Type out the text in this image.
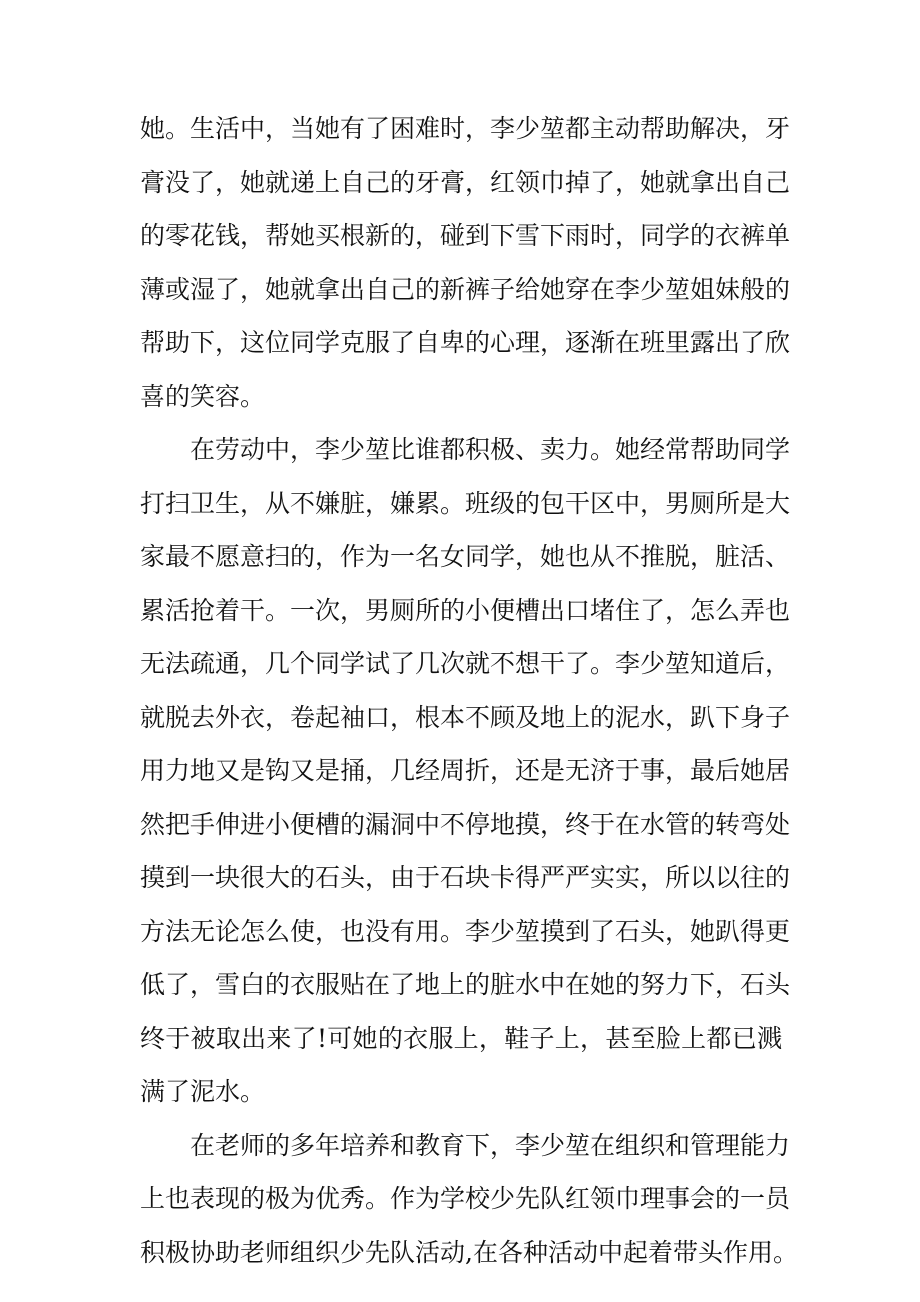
她。生活中，当她有了困难时，李少堃都主动帮助解决，牙
膏没了，她就递上自己的牙膏，红领巾掉了，她就拿出自己
的零花钱，帮她买根新的，碰到下雪下雨时，同学的衣裤单
薄或湿了，她就拿出自己的新裤子给她穿在李少堃姐妹般的
帮助下，这位同学克服了自卑的心理，逐渐在班里露出了欣
喜的笑容。
在劳动中，李少堃比谁都积极、卖力。她经常帮助同学
打扫卫生，从不嫌脏，嫌累。班级的包干区中，男厕所是大
家最不愿意扫的，作为一名女同学，她也从不推脱，脏活、
累活抢着干。一次，男厕所的小便槽出口堵住了，怎么弄也
无法疏通，几个同学试了几次就不想干了。李少堃知道后，
就脱去外衣，卷起袖口，根本不顾及地上的泥水，趴下身子
用力地又是钩又是捅，几经周折，还是无济于事，最后她居
然把手伸进小便槽的漏洞中不停地摸，终于在水管的转弯处
摸到一块很大的石头，由于石块卡得严严实实，所以以往的
方法无论怎么使，也没有用。李少堃摸到了石头，她趴得更
低了，雪白的衣服贴在了地上的脏水中在她的努力下，石头
终于被取出来了!可她的衣服上，鞋子上，甚至脸上都已溅
满了泥水。
在老师的多年培养和教育下，李少堃在组织和管理能力
上也表现的极为优秀。作为学校少先队红领巾理事会的一员
积极协助老师组织少先队活动,在各种活动中起着带头作用。
